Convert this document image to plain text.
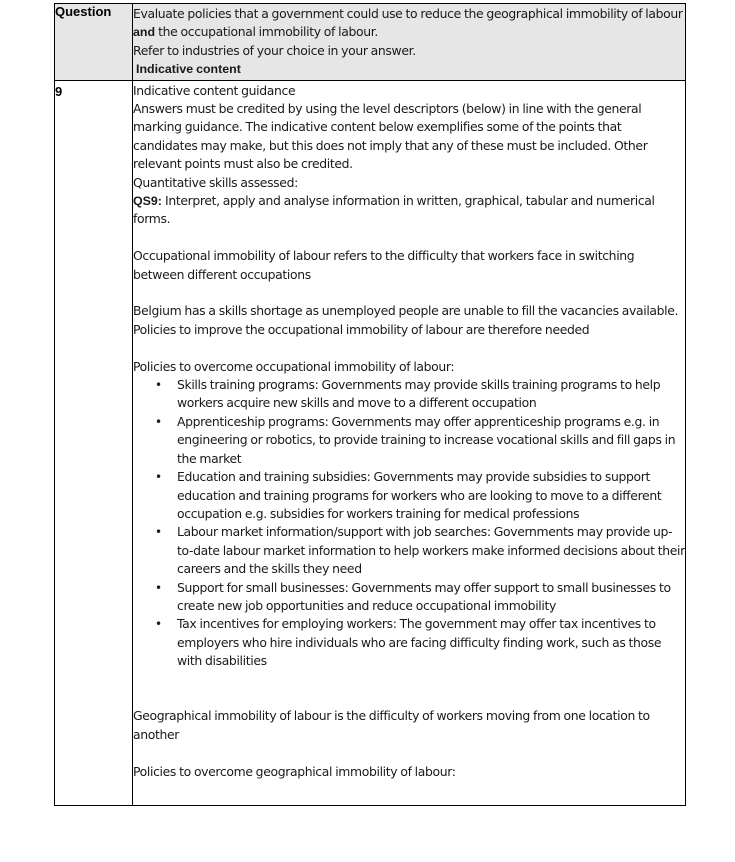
Question	Evaluate policies that a government could use to reduce the geographical immobility of labour and the occupational immobility of labour.

Refer to industries of your choice in your answer.

Indicative content

9	Indicative content guidance

Answers must be credited by using the level descriptors (below) in line with the general marking guidance. The indicative content below exemplifies some of the points that candidates may make, but this does not imply that any of these must be included. Other relevant points must also be credited.

Quantitative skills assessed:

QS9: Interpret, apply and analyse information in written, graphical, tabular and numerical forms.

Occupational immobility of labour refers to the difficulty that workers face in switching between different occupations

Belgium has a skills shortage as unemployed people are unable to fill the vacancies available. Policies to improve the occupational immobility of labour are therefore needed

Policies to overcome occupational immobility of labour:

• Skills training programs: Governments may provide skills training programs to help workers acquire new skills and move to a different occupation
• Apprenticeship programs: Governments may offer apprenticeship programs e.g. in engineering or robotics, to provide training to increase vocational skills and fill gaps in the market
• Education and training subsidies: Governments may provide subsidies to support education and training programs for workers who are looking to move to a different occupation e.g. subsidies for workers training for medical professions
• Labour market information/support with job searches: Governments may provide up-to-date labour market information to help workers make informed decisions about their careers and the skills they need
• Support for small businesses: Governments may offer support to small businesses to create new job opportunities and reduce occupational immobility
• Tax incentives for employing workers: The government may offer tax incentives to employers who hire individuals who are facing difficulty finding work, such as those with disabilities

Geographical immobility of labour is the difficulty of workers moving from one location to another

Policies to overcome geographical immobility of labour:
